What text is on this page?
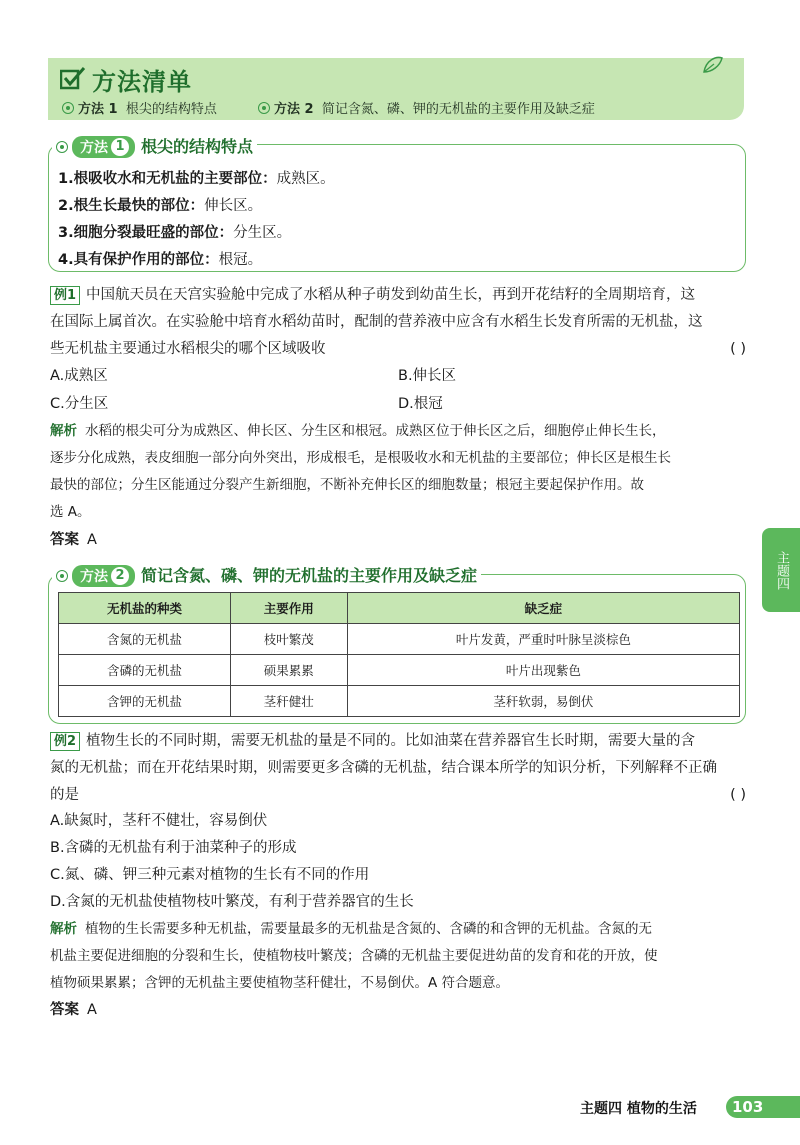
方法清单
方法 1 根尖的结构特点	方法 2 简记含氮、磷、钾的无机盐的主要作用及缺乏症
方法 1 根尖的结构特点
1.根吸收水和无机盐的主要部位：成熟区。
2.根生长最快的部位：伸长区。
3.细胞分裂最旺盛的部位：分生区。
4.具有保护作用的部位：根冠。
例1 中国航天员在天宫实验舱中完成了水稻从种子萌发到幼苗生长，再到开花结籽的全周期培育，这
在国际上属首次。在实验舱中培育水稻幼苗时，配制的营养液中应含有水稻生长发育所需的无机盐，这
些无机盐主要通过水稻根尖的哪个区域吸收	( )
A.成熟区	B.伸长区
C.分生区	D.根冠
解析 水稻的根尖可分为成熟区、伸长区、分生区和根冠。成熟区位于伸长区之后，细胞停止伸长生长，
逐步分化成熟，表皮细胞一部分向外突出，形成根毛，是根吸收水和无机盐的主要部位；伸长区是根生长
最快的部位；分生区能通过分裂产生新细胞，不断补充伸长区的细胞数量；根冠主要起保护作用。故
选 A。
答案 A
主题四
方法 2 简记含氮、磷、钾的无机盐的主要作用及缺乏症
无机盐的种类	主要作用	缺乏症
含氮的无机盐	枝叶繁茂	叶片发黄，严重时叶脉呈淡棕色
含磷的无机盐	硕果累累	叶片出现紫色
含钾的无机盐	茎秆健壮	茎秆软弱，易倒伏
例2 植物生长的不同时期，需要无机盐的量是不同的。比如油菜在营养器官生长时期，需要大量的含
氮的无机盐；而在开花结果时期，则需要更多含磷的无机盐，结合课本所学的知识分析，下列解释不正确
的是	( )
A.缺氮时，茎秆不健壮，容易倒伏
B.含磷的无机盐有利于油菜种子的形成
C.氮、磷、钾三种元素对植物的生长有不同的作用
D.含氮的无机盐使植物枝叶繁茂，有利于营养器官的生长
解析 植物的生长需要多种无机盐，需要量最多的无机盐是含氮的、含磷的和含钾的无机盐。含氮的无
机盐主要促进细胞的分裂和生长，使植物枝叶繁茂；含磷的无机盐主要促进幼苗的发育和花的开放，使
植物硕果累累；含钾的无机盐主要使植物茎秆健壮，不易倒伏。A 符合题意。
答案 A
主题四 植物的生活	103
